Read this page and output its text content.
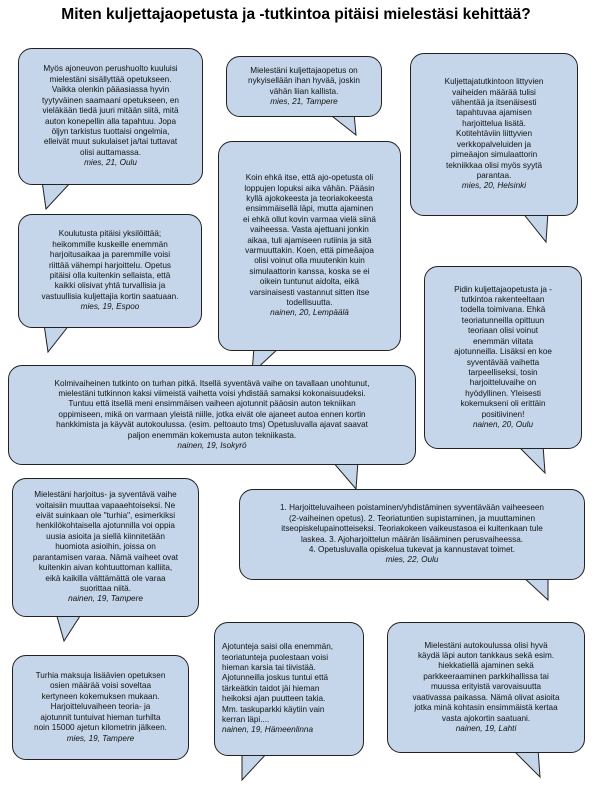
Miten kuljettajaopetusta ja -tutkintoa pitäisi mielestäsi kehittää?
Myös ajoneuvon perushuolto kuuluisi
mielestäni sisällyttää opetukseen.
Vaikka olenkin pääasiassa hyvin
tyytyväinen saamaani opetukseen, en
vieläkään tiedä juuri mitään siitä, mitä
auton konepellin alla tapahtuu. Jopa
öljyn tarkistus tuottaisi ongelmia,
elleivät muut sukulaiset ja/tai tuttavat
olisi auttamassa.
mies, 21, Oulu
Mielestäni kuljettajaopetus on
nykyisellään ihan hyvää, joskin
vähän liian kallista.
mies, 21, Tampere
Kuljettajatutkintoon littyvien
vaiheiden määrää tulisi
vähentää ja itsenäisesti
tapahtuvaa ajamisen
harjoittelua lisätä.
Kotitehtäviin liittyvien
verkkopalveluiden ja
pimeäajon simulaattorin
tekniikkaa olisi myös syytä
parantaa.
mies, 20, Helsinki
Koin ehkä itse, että ajo-opetusta oli
loppujen lopuksi aika vähän. Pääsin
kyllä ajokokeesta ja teoriakokeesta
ensimmäisellä läpi, mutta ajaminen
ei ehkä ollut kovin varmaa vielä siinä
vaiheessa. Vasta ajettuani jonkin
aikaa, tuli ajamiseen rutiinia ja sitä
varmuuttakin. Koen, että pimeäajoa
olisi voinut olla muutenkin kuin
simulaattorin kanssa, koska se ei
oikein tuntunut aidolta, eikä
varsinaisesti vastannut sitten itse
todellisuutta.
nainen, 20, Lempäälä
Koulutusta pitäisi yksilöittää;
heikommille kuskeille enemmän
harjoitusaikaa ja paremmille voisi
riittää vähempi harjoittelu. Opetus
pitäisi olla kuitenkin sellaista, että
kaikki olisivat yhtä turvallisia ja
vastuullisia kuljettajia kortin saatuaan.
mies, 19, Espoo
Pidin kuljettajaopetusta ja -
tutkintoa rakenteeltaan
todella toimivana. Ehkä
teoriatunneilla opittuun
teoriaan olisi voinut
enemmän viitata
ajotunneilla. Lisäksi en koe
syventävää vaihetta
tarpeelliseksi, tosin
harjoitteluvaihe on
hyödyllinen. Yleisesti
kokemukseni oli erittäin
positiivinen!
nainen, 20, Oulu
Kolmivaiheinen tutkinto on turhan pitkä. Itsellä syventävä vaihe on tavallaan unohtunut,
mielestäni tutkinnon kaksi viimeistä vaihetta voisi yhdistää samaksi kokonaisuudeksi.
Tuntuu että itsellä meni ensimmäisen vaiheen ajotunnit pääosin auton tekniikan
oppimiseen, mikä on varmaan yleistä niille, jotka eivät ole ajaneet autoa ennen kortin
hankkimista ja käyvät autokoulussa. (esim. peltoauto tms) Opetusluvalla ajavat saavat
paljon enemmän kokemusta auton tekniikasta.
nainen, 19, Isokyrö
Mielestäni harjoitus- ja syventävä vaihe
voitaisiin muuttaa vapaaehtoiseksi. Ne
eivät suinkaan ole "turhia", esimerkiksi
henkilökohtaisella ajotunnilla voi oppia
uusia asioita ja siellä kiinnitetään
huomiota asioihin, joissa on
parantamisen varaa. Nämä vaiheet ovat
kuitenkin aivan kohtuuttoman kalliita,
eikä kaikilla välttämättä ole varaa
suorittaa niitä.
nainen, 19, Tampere
1. Harjoitteluvaiheen poistaminen/yhdistäminen syventävään vaiheeseen
(2-vaiheinen opetus). 2. Teoriatuntien supistaminen, ja muuttaminen
itseopiskelupainotteiseksi. Teoriakokeen vaikeustasoa ei kuitenkaan tule
laskea. 3. Ajoharjoittelun määrän lisääminen perusvaiheessa.
4. Opetusluvalla opiskelua tukevat ja kannustavat toimet.
mies, 22, Oulu
Turhia maksuja lisäävien opetuksen
osien määrää voisi soveltaa
kertyneen kokemuksen mukaan.
Harjoitteluvaiheen teoria- ja
ajotunnit tuntuivat hieman turhilta
noin 15000 ajetun kilometrin jälkeen.
mies, 19, Tampere
Ajotunteja saisi olla enemmän,
teoriatunteja puolestaan voisi
hieman karsia tai tiivistää.
Ajotunneilla joskus tuntui että
tärkeätkin taidot jäi hieman
heikoksi ajan puutteen takia.
Mm. taskuparkki käytiin vain
kerran läpi....
nainen, 19, Hämeenlinna
Mielestäni autokoulussa olisi hyvä
käydä läpi auton tankkaus sekä esim.
hiekkatiellä ajaminen sekä
parkkeeraaminen parkkihallissa tai
muussa erityistä varovaisuutta
vaativassa paikassa. Nämä olivat asioita
jotka minä kohtasin ensimmäistä kertaa
vasta ajokortin saatuani.
nainen, 19, Lahti
